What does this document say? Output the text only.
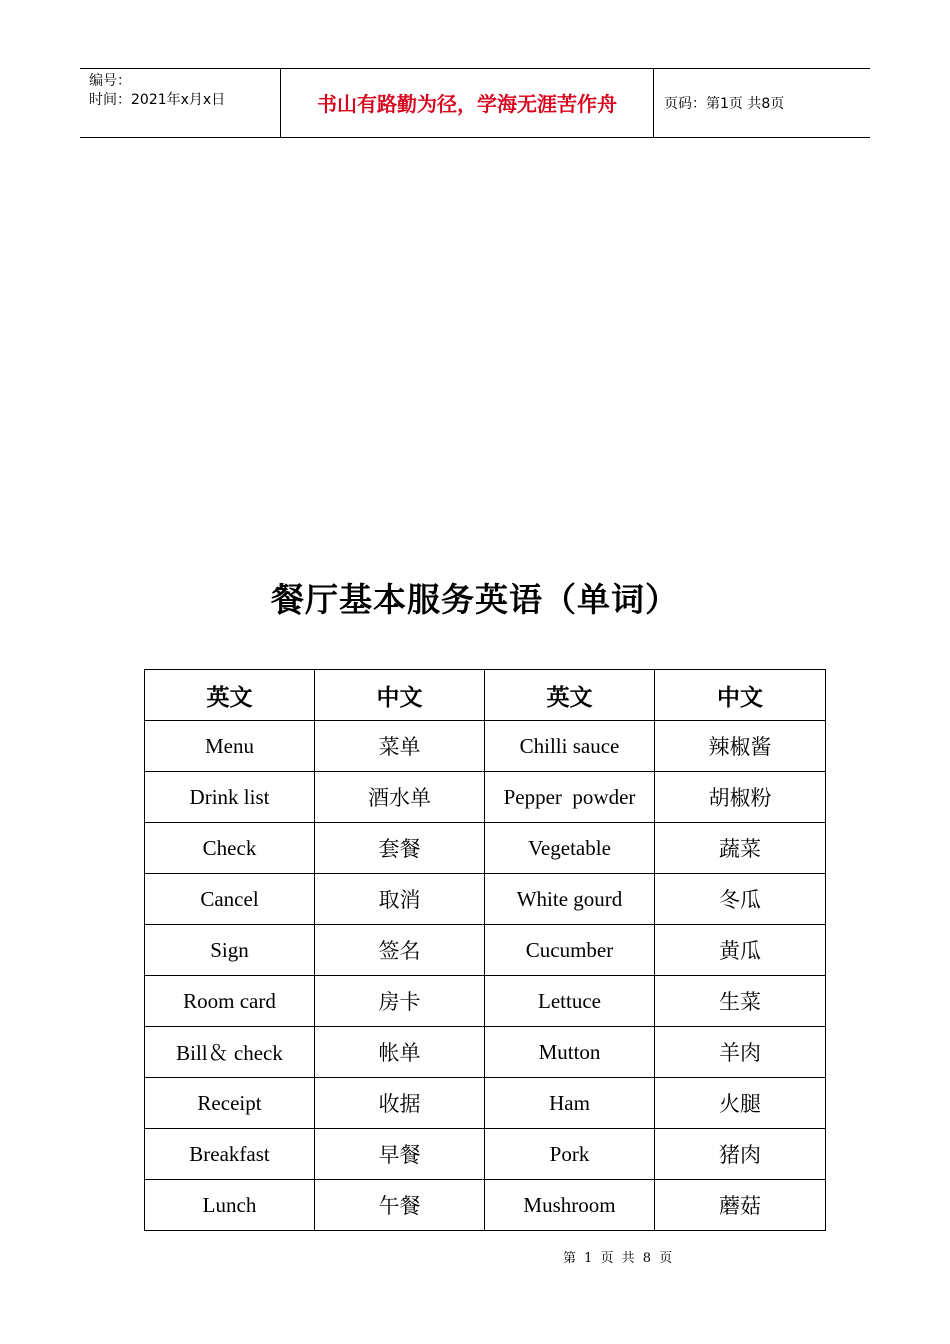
编号：
时间：2021年x月x日	书山有路勤为径，学海无涯苦作舟	页码：第1页 共8页
餐厅基本服务英语（单词）
英文	中文	英文	中文
Menu	菜单	Chilli sauce	辣椒酱
Drink list	酒水单	Pepper  powder	胡椒粉
Check	套餐	Vegetable	蔬菜
Cancel	取消	White gourd	冬瓜
Sign	签名	Cucumber	黄瓜
Room card	房卡	Lettuce	生菜
Bill＆ check	帐单	Mutton	羊肉
Receipt	收据	Ham	火腿
Breakfast	早餐	Pork	猪肉
Lunch	午餐	Mushroom	蘑菇
第 1 页 共 8 页
